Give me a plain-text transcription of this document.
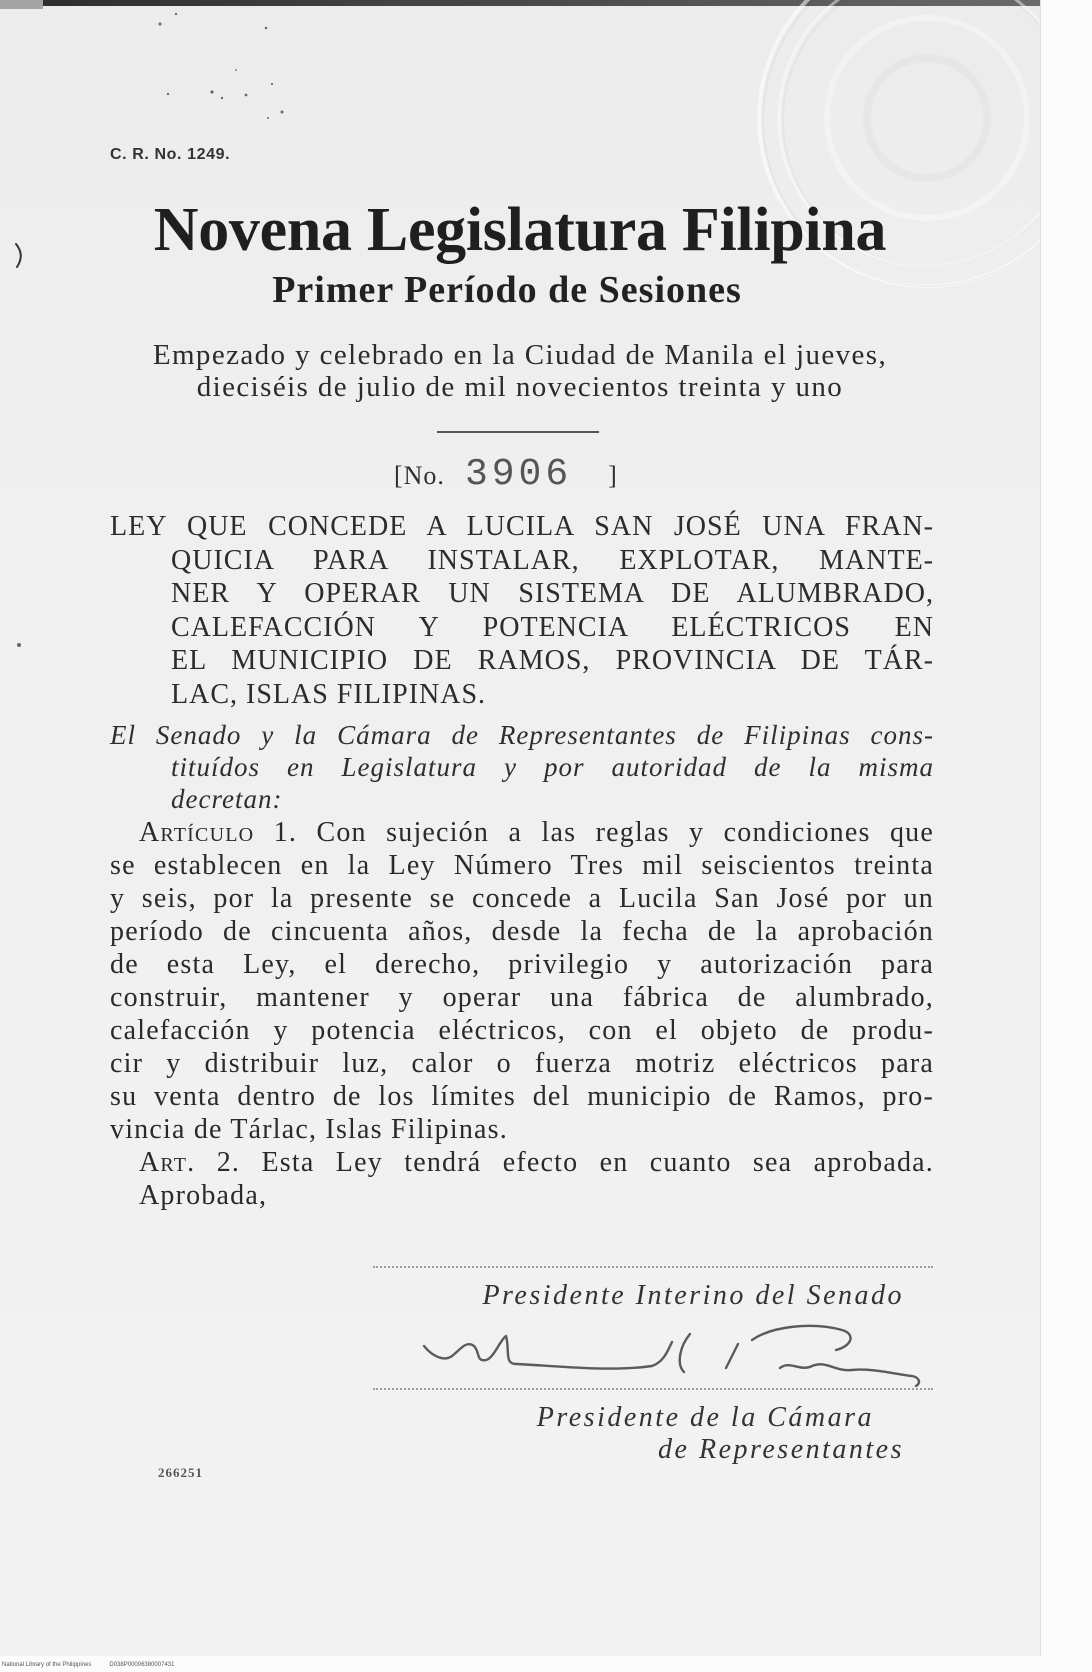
C. R. No. 1249.
Novena Legislatura Filipina
Primer Período de Sesiones
Empezado y celebrado en la Ciudad de Manila el jueves,
dieciséis de julio de mil novecientos treinta y uno
[No. 3906 ]
LEY QUE CONCEDE A LUCILA SAN JOSÉ UNA FRAN-
QUICIA PARA INSTALAR, EXPLOTAR, MANTE-
NER Y OPERAR UN SISTEMA DE ALUMBRADO,
CALEFACCIÓN Y POTENCIA ELÉCTRICOS EN
EL MUNICIPIO DE RAMOS, PROVINCIA DE TÁR-
LAC, ISLAS FILIPINAS.
El Senado y la Cámara de Representantes de Filipinas cons-
tituídos en Legislatura y por autoridad de la misma
decretan:
Artículo 1. Con sujeción a las reglas y condiciones que
se establecen en la Ley Número Tres mil seiscientos treinta
y seis, por la presente se concede a Lucila San José por un
período de cincuenta años, desde la fecha de la aprobación
de esta Ley, el derecho, privilegio y autorización para
construir, mantener y operar una fábrica de alumbrado,
calefacción y potencia eléctricos, con el objeto de produ-
cir y distribuir luz, calor o fuerza motriz eléctricos para
su venta dentro de los límites del municipio de Ramos, pro-
vincia de Tárlac, Islas Filipinas.
Art. 2. Esta Ley tendrá efecto en cuanto sea aprobada.
Aprobada,
Presidente Interino del Senado
Presidente de la Cámara
de Representantes
266251
National Library of the Philippines	D038P00006380007431
